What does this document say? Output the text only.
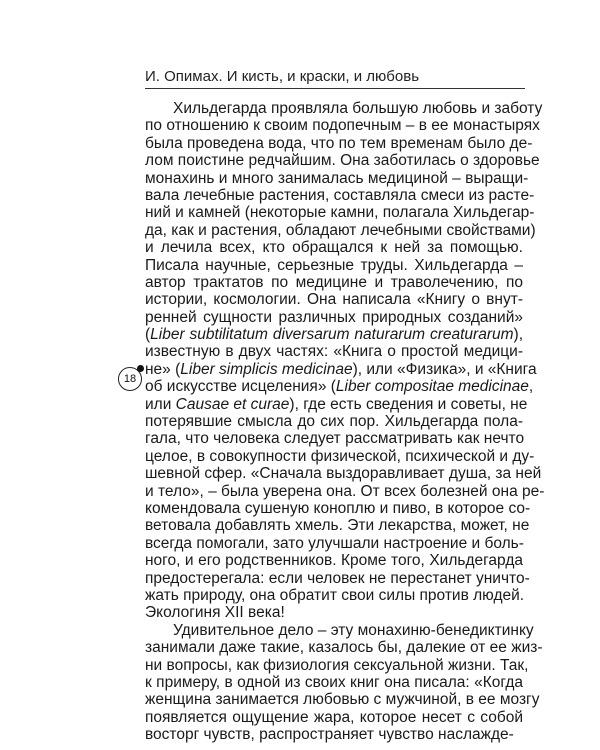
И. Опимах. И кисть, и краски, и любовь
18
Хильдегарда проявляла большую любовь и заботу
по отношению к своим подопечным – в ее монастырях
была проведена вода, что по тем временам было де-
лом поистине редчайшим. Она заботилась о здоровье
монахинь и много занималась медициной – выращи-
вала лечебные растения, составляла смеси из расте-
ний и камней (некоторые камни, полагала Хильдегар-
да, как и растения, обладают лечебными свойствами)
и лечила всех, кто обращался к ней за помощью.
Писала научные, серьезные труды. Хильдегарда –
автор трактатов по медицине и траволечению, по
истории, космологии. Она написала «Книгу о внут-
ренней сущности различных природных созданий»
(Liber subtilitatum diversarum naturarum creaturarum),
известную в двух частях: «Книга о простой медици-
не» (Liber simplicis medicinae), или «Физика», и «Книга
об искусстве исцеления» (Liber compositae medicinae,
или Causae et curae), где есть сведения и советы, не
потерявшие смысла до сих пор. Хильдегарда пола-
гала, что человека следует рассматривать как нечто
целое, в совокупности физической, психической и ду-
шевной сфер. «Сначала выздоравливает душа, за ней
и тело», – была уверена она. От всех болезней она ре-
комендовала сушеную коноплю и пиво, в которое со-
ветовала добавлять хмель. Эти лекарства, может, не
всегда помогали, зато улучшали настроение и боль-
ного, и его родственников. Кроме того, Хильдегарда
предостерегала: если человек не перестанет уничто-
жать природу, она обратит свои силы против людей.
Экологиня XII века!
Удивительное дело – эту монахиню-бенедиктинку
занимали даже такие, казалось бы, далекие от ее жиз-
ни вопросы, как физиология сексуальной жизни. Так,
к примеру, в одной из своих книг она писала: «Когда
женщина занимается любовью с мужчиной, в ее мозгу
появляется ощущение жара, которое несет с собой
восторг чувств, распространяет чувство наслажде-
